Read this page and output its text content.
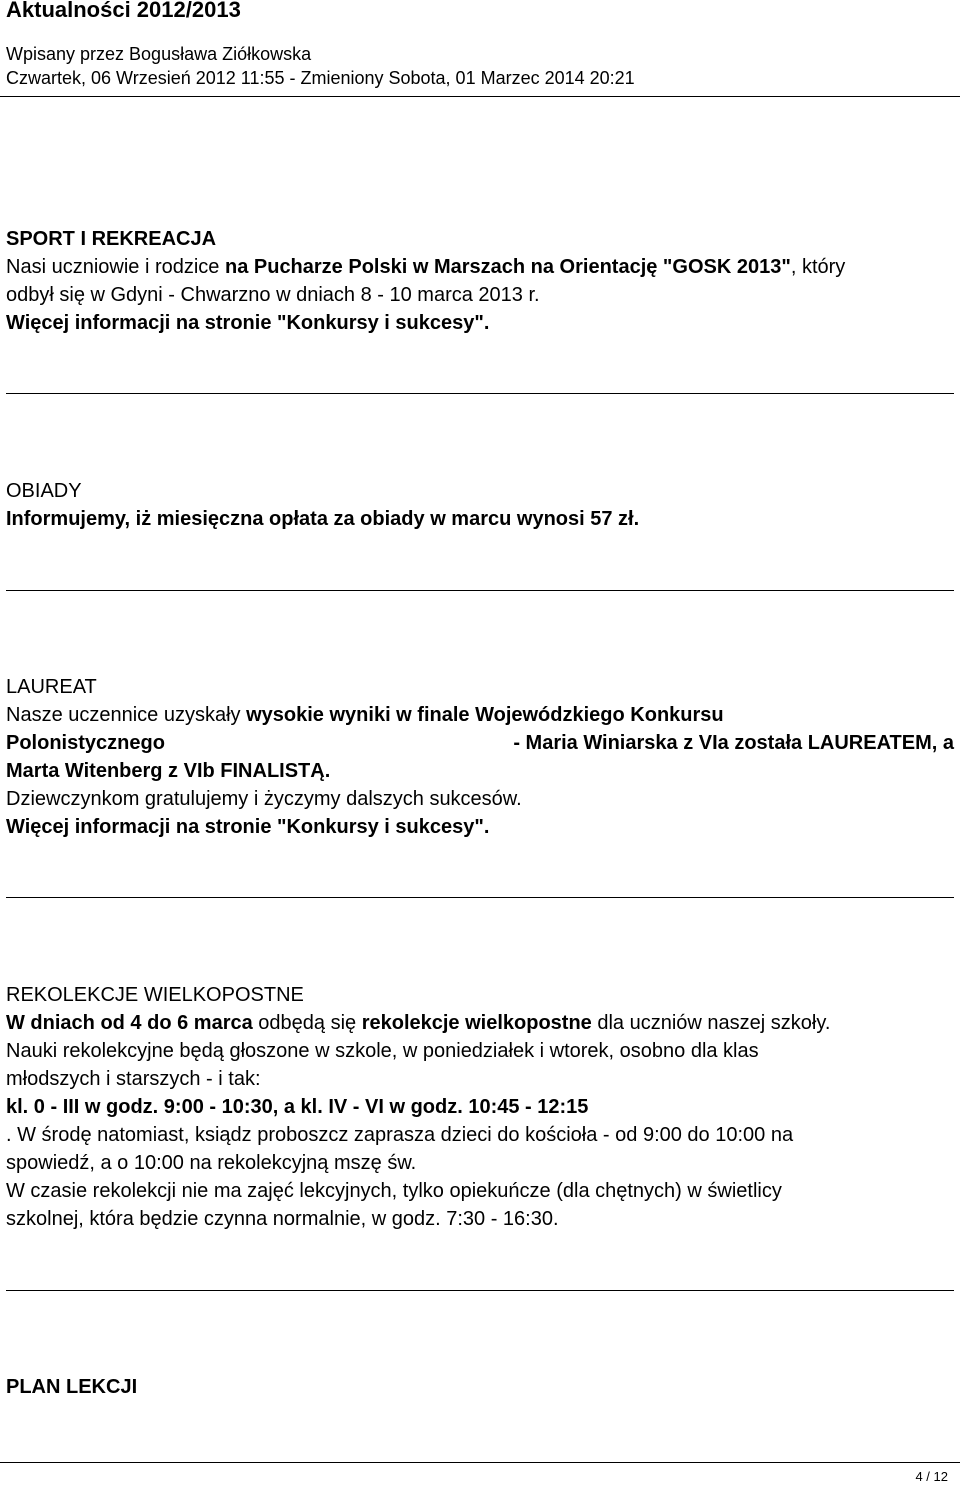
Aktualności 2012/2013
Wpisany przez Bogusława Ziółkowska
Czwartek, 06 Wrzesień 2012 11:55 - Zmieniony Sobota, 01 Marzec 2014 20:21
SPORT I REKREACJA
Nasi uczniowie i rodzice na Pucharze Polski w Marszach na Orientację "GOSK 2013", który
odbył się w Gdyni - Chwarzno w dniach 8 - 10 marca 2013 r.
Więcej informacji na stronie "Konkursy i sukcesy".
OBIADY
Informujemy, iż miesięczna opłata za obiady w marcu wynosi 57 zł.
LAUREAT
Nasze uczennice uzyskały wysokie wyniki w finale Wojewódzkiego Konkursu
Polonistycznego	- Maria Winiarska z VIa została LAUREATEM, a
Marta Witenberg z VIb FINALISTĄ.
Dziewczynkom gratulujemy i życzymy dalszych sukcesów.
Więcej informacji na stronie "Konkursy i sukcesy".
REKOLEKCJE WIELKOPOSTNE
W dniach od 4 do 6 marca odbędą się rekolekcje wielkopostne dla uczniów naszej szkoły.
Nauki rekolekcyjne będą głoszone w szkole, w poniedziałek i wtorek, osobno dla klas
młodszych i starszych - i tak:
kl. 0 - III w godz. 9:00 - 10:30, a kl. IV - VI w godz. 10:45 - 12:15
. W środę natomiast, ksiądz proboszcz zaprasza dzieci do kościoła - od 9:00 do 10:00 na
spowiedź, a o 10:00 na rekolekcyjną mszę św.
W czasie rekolekcji nie ma zajęć lekcyjnych, tylko opiekuńcze (dla chętnych) w świetlicy
szkolnej, która będzie czynna normalnie, w godz. 7:30 - 16:30.
PLAN LEKCJI
4 / 12
